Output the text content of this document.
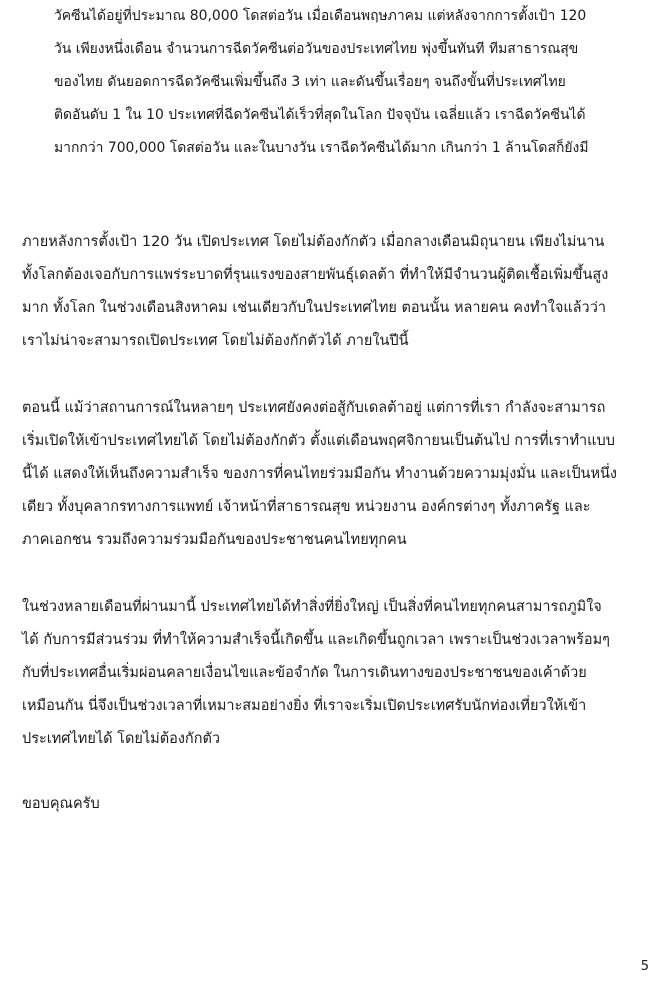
วัคซีนได้อยู่ที่ประมาณ 80,000 โดสต่อวัน เมื่อเดือนพฤษภาคม แต่หลังจากการตั้งเป้า 120
วัน เพียงหนึ่งเดือน จำนวนการฉีดวัคซีนต่อวันของประเทศไทย พุ่งขึ้นทันที ทีมสาธารณสุข
ของไทย ดันยอดการฉีดวัคซีนเพิ่มขึ้นถึง 3 เท่า และดันขึ้นเรื่อยๆ จนถึงขั้นที่ประเทศไทย
ติดอันดับ 1 ใน 10 ประเทศที่ฉีดวัคซีนได้เร็วที่สุดในโลก ปัจจุบัน เฉลี่ยแล้ว เราฉีดวัคซีนได้
มากกว่า 700,000 โดสต่อวัน และในบางวัน เราฉีดวัคซีนได้มาก เกินกว่า 1 ล้านโดสก็ยังมี
ภายหลังการตั้งเป้า 120 วัน เปิดประเทศ โดยไม่ต้องกักตัว เมื่อกลางเดือนมิถุนายน เพียงไม่นาน
ทั้งโลกต้องเจอกับการแพร่ระบาดที่รุนแรงของสายพันธุ์เดลต้า ที่ทำให้มีจำนวนผู้ติดเชื้อเพิ่มขึ้นสูง
มาก ทั้งโลก ในช่วงเดือนสิงหาคม เช่นเดียวกับในประเทศไทย ตอนนั้น หลายคน คงทำใจแล้วว่า
เราไม่น่าจะสามารถเปิดประเทศ โดยไม่ต้องกักตัวได้ ภายในปีนี้
ตอนนี้ แม้ว่าสถานการณ์ในหลายๆ ประเทศยังคงต่อสู้กับเดลต้าอยู่ แต่การที่เรา กำลังจะสามารถ
เริ่มเปิดให้เข้าประเทศไทยได้ โดยไม่ต้องกักตัว ตั้งแต่เดือนพฤศจิกายนเป็นต้นไป การที่เราทำแบบ
นี้ได้ แสดงให้เห็นถึงความสำเร็จ ของการที่คนไทยร่วมมือกัน ทำงานด้วยความมุ่งมั่น และเป็นหนึ่ง
เดียว ทั้งบุคลากรทางการแพทย์ เจ้าหน้าที่สาธารณสุข หน่วยงาน องค์กรต่างๆ ทั้งภาครัฐ และ
ภาคเอกชน รวมถึงความร่วมมือกันของประชาชนคนไทยทุกคน
ในช่วงหลายเดือนที่ผ่านมานี้ ประเทศไทยได้ทำสิ่งที่ยิ่งใหญ่ เป็นสิ่งที่คนไทยทุกคนสามารถภูมิใจ
ได้ กับการมีส่วนร่วม ที่ทำให้ความสำเร็จนี้เกิดขึ้น และเกิดขึ้นถูกเวลา เพราะเป็นช่วงเวลาพร้อมๆ
กับที่ประเทศอื่นเริ่มผ่อนคลายเงื่อนไขและข้อจำกัด ในการเดินทางของประชาชนของเค้าด้วย
เหมือนกัน นี่จึงเป็นช่วงเวลาที่เหมาะสมอย่างยิ่ง ที่เราจะเริ่มเปิดประเทศรับนักท่องเที่ยวให้เข้า
ประเทศไทยได้ โดยไม่ต้องกักตัว
ขอบคุณครับ
5
